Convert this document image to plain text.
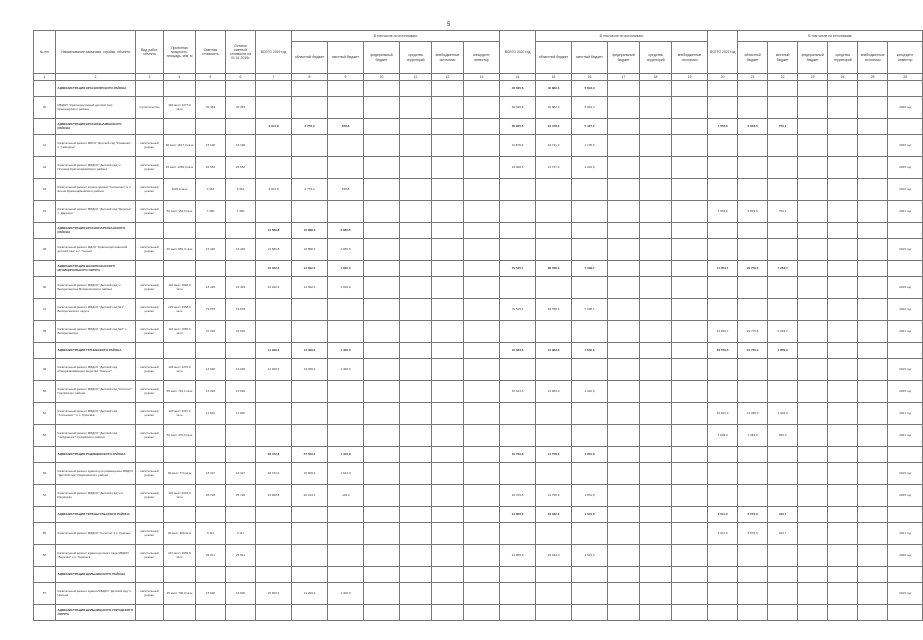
5
№ п/п	Наименование заказчика, стройки, объекта	Вид работ, объекта	Проектная мощность, площадь, м/м, м	Сметная стоимость	Остаток сметной стоимости на 01.01.2019г.	ВСЕГО 2019 год	В том числе по источникам:						ВСЕГО 2020 год	В том числе по источникам:					ВСЕГО 2021 год	В том числе по источникам:	
							областной бюджет	местный бюджет	федеральный бюджет	средства территорий	внебюджетные источники	концедент, инвестор		областной бюджет	местный бюджет	федеральный бюджет	средства территорий	внебюджетные источники		областной бюджет	местный бюджет	федеральный бюджет	средства территорий	внебюджетные источники	концедент, инвестор	
1	2	3	4	5	6	7	8	9	10	11	12	13	14	15	16	17	18	19	20	21	22	23	24	25	26	
	АДМИНИСТРАЦИЯ КРАСНОЯРСКОГО РАЙОНА												46 635,6	40 882,3	5 843,3											
40	МБДОУ "Краснодорожный детский сад" Красноярского района	строительство	160 мест 2277,0 кв.м	40 453	40 453								46 635,6	40 882,3	5 843,3										2020 год	
	АДМИНИСТРАЦИЯ КРАСНОЗНАМЕНСКОГО РАЙОНА					3 314,8	2 776,0	538,8					30 905,5	24 478,3	5 427,2				7 553,6	6 803,5	750,1					
41	Капитальный ремонт МБОУ "Детский сад "Ромашка" с. Северное"	капитальный ремонт	90 мест 1817,0 кв.м	15 196	15 196								11 876,9	10 741,3	1 135,6										2020 год	
42	Капитальный ремонт МБДОУ "Детский сад" с. Полянка Красноармейского района	капитальный ремонт	45 мест 1059,0 кв.м	26 552	26 552								19 028,6	13 737,0	4 291,6										2020 год	
43	Капитальный ремонт кровли здания "Солнышко" в п. Ельня Красноармейского района	капитальный ремонт	1003,2 кв.м	3 351	3 351	3 314,8	2 776,0	538,8																	2019 год	
44	Капитальный ремонт МБДОУ "Детский сад "Березка" с. Дарьино"	капитальный ремонт	50 мест 452,0 кв.м	7 480	7 480														7 553,6	6 803,5	750,1				2021 год	
	АДМИНИСТРАЦИЯ КРАСНОПАРТИЗАНСКОГО РАЙОНА					13 583,8	10 898,3	2 685,5																		
45	Капитальный ремонт МДОУ "Краснопартизанский детский сад" в с. Горный	капитальный ремонт	60 мест 852,3 кв.м	15 430	15 430	13 583,8	10 898,3	2 685,5																	2019 год	
	АДМИНИСТРАЦИЯ ВОСКРЕСЕНСКОГО МУНИЦИПАЛЬНОГО ОКРУГА					16 322,0	14 692,0	1 630,0					79 545,7	69 788,3	7 338,7				11 053,7	29 779,6	7 263,7					
46	Капитальный ремонт МБДОУ "Детский сад" с. Воскресенское Воскресенского района	капитальный ремонт	110 мест 1890,0 кв.м	16 325	16 325	16 322,0	14 692,0	1 630,0																	2019 год	
47	Капитальный ремонт МБДОУ "Детский сад №1" Воскресенского округа	капитальный ремонт	220 мест 2958,0 кв.м	79 878	79 878								79 545,7	69 788,3	7 338,7										2020 год	
48	Капитальный ремонт МБДОУ "Детский сад №2" с. Воскресенское	капитальный ремонт	110 мест 1650,0 кв.м	31 033	31 033														31 053,7	29 779,6	2 263,7				2021 год	
	АДМИНИСТРАЦИЯ ГРАЧЁВСКОГО РАЙОНА					14 929,0	13 469,0	1 460,0					15 623,6	13 983,0	1 640,6				23 579,3	21 720,3	2 859,0					
49	Капитальный ремонт МБДОУ "Детский сад общеразвивающего вида №1 "Радуга""	капитальный ремонт	100 мест 1270,0 кв.м	14 930	14 930	14 929,0	13 469,0	1 460,0																	2019 год	
50	Капитальный ремонт МБДОУ "Детский сад "Колосок"" Грачёвского района	капитальный ремонт	65 мест 791,1 кв.м	15 620	15 620								15 623,6	13 983,0	1 640,6										2020 год	
51	Капитальный ремонт МБДОУ "Детский сад "Солнышко"" в с. Грачёвка	капитальный ремонт	100 мест 1197,0 кв.м	11 600	11 600														15 641,3	14 338,3	1 303,0				2021 год	
52	Капитальный ремонт МБДОУ "Детский сад "Чебурашка"" Грачёвского района	капитальный ремонт	50 мест 476,0 кв.м																7 938,0	7 382,0	556,0				2021 год	
	АДМИНИСТРАЦИЯ РАДИЩЕВСКОГО РАЙОНА					38 472,8	37 023,0	1 449,8					16 709,8	14 758,0	1 951,8											
53	Капитальный ремонт здания для размещения МБДОУ "Детский сад" Радищевского района	капитальный ремонт	90 мест 774 кв.м	18 427	18 427	18 472,0	16 829,0	1 643,0																	2019 год	
54	Капитальный ремонт МБДОУ "Детский сад" р.п. Радищево	капитальный ремонт	120 мест 2015,0 кв.м	35 728	35 728	20 000,8	20 194,0	-193,2					16 709,8	14 758,0	1 951,8										2020 год	
	АДМИНИСТРАЦИЯ ТЕРЕНЬГУЛЬСКОГО РАЙОНА												24 856,0	23 332,0	1 524,0				6 011,0	5 570,3	440,7					
55	Капитальный ремонт МБДОУ "Колосок" в с. Красное	капитальный ремонт	40 мест 380 кв.м	6 111	6 111														6 011,0	5 570,3	440,7				2021 год	
56	Капитальный ремонт здания детского сада МБДОУ "Березка" р.п. Тереньга	капитальный ремонт	210 мест 3069,8 кв.м	25 811	25 811								24 856,0	23 332,0	1 524,0										2020 год	
	АДМИНИСТРАЦИЯ ЦИЛЬНИНСКОГО РАЙОНА																									
57	Капитальный ремонт здания МБДОУ "Детский сад" с. Цильна	капитальный ремонт	45 мест 700,0 кв.м	15 600	15 600	15 600,0	14 200,0	1 400,0																	2019 год	
	АДМИНИСТРАЦИЯ ЦИЛЬНИНСКОГО ГОРОДСКОГО ОКРУГА																									
